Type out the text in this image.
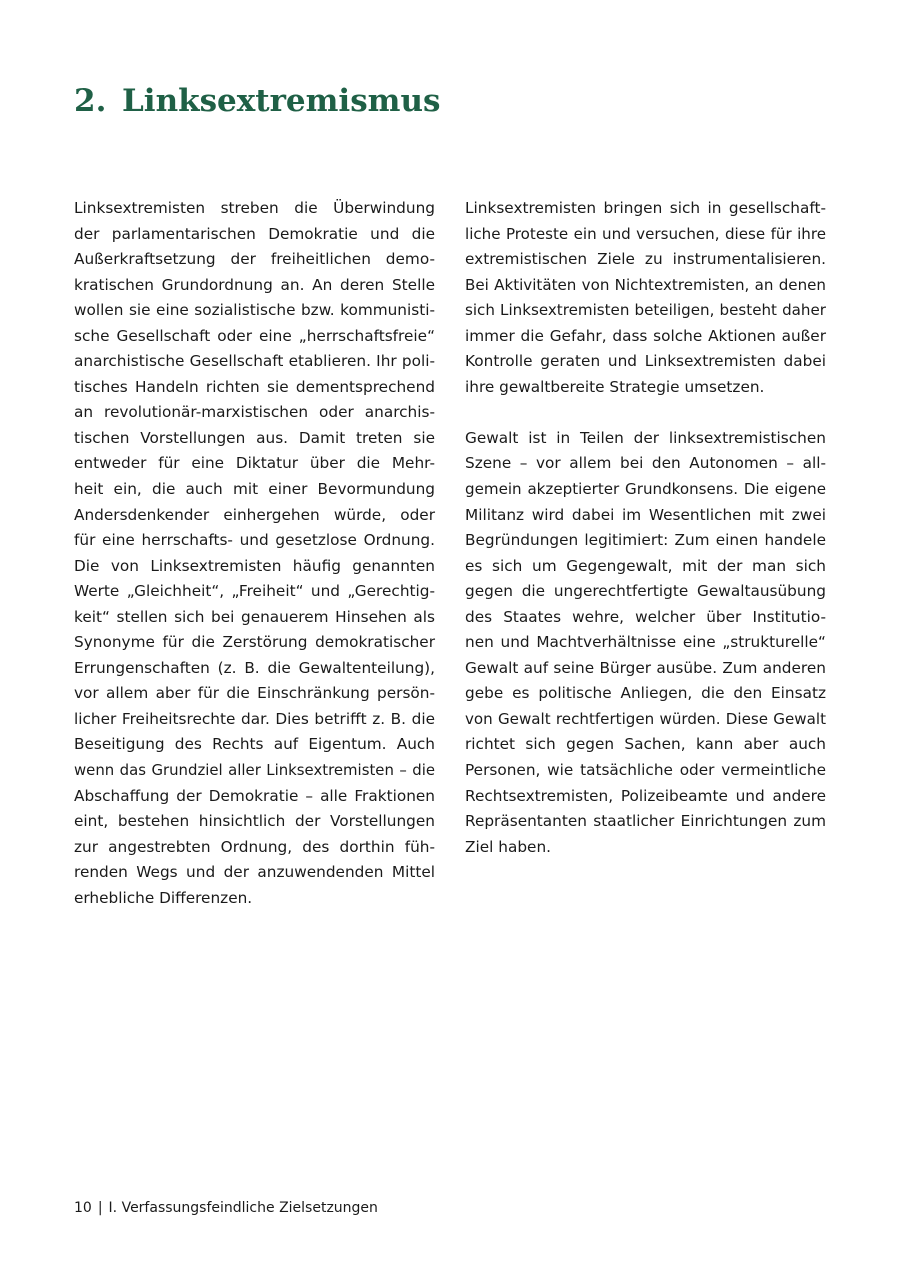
2. Linksextremismus
Linksextremisten streben die Überwindung
der parlamentarischen Demokratie und die
Außerkraftsetzung der freiheitlichen demo-
kratischen Grundordnung an. An deren Stelle
wollen sie eine sozialistische bzw. kommunisti-
sche Gesellschaft oder eine „herrschaftsfreie“
anarchistische Gesellschaft etablieren. Ihr poli-
tisches Handeln richten sie dementsprechend
an revolutionär-marxistischen oder anarchis-
tischen Vorstellungen aus. Damit treten sie
entweder für eine Diktatur über die Mehr-
heit ein, die auch mit einer Bevormundung
Andersdenkender einhergehen würde, oder
für eine herrschafts- und gesetzlose Ordnung.
Die von Linksextremisten häufig genannten
Werte „Gleichheit“, „Freiheit“ und „Gerechtig-
keit“ stellen sich bei genauerem Hinsehen als
Synonyme für die Zerstörung demokratischer
Errungenschaften (z. B. die Gewaltenteilung),
vor allem aber für die Einschränkung persön-
licher Freiheitsrechte dar. Dies betrifft z. B. die
Beseitigung des Rechts auf Eigentum. Auch
wenn das Grundziel aller Linksextremisten – die
Abschaffung der Demokratie – alle Fraktionen
eint, bestehen hinsichtlich der Vorstellungen
zur angestrebten Ordnung, des dorthin füh-
renden Wegs und der anzuwendenden Mittel
erhebliche Differenzen.
Linksextremisten bringen sich in gesellschaft-
liche Proteste ein und versuchen, diese für ihre
extremistischen Ziele zu instrumentalisieren.
Bei Aktivitäten von Nichtextremisten, an denen
sich Linksextremisten beteiligen, besteht daher
immer die Gefahr, dass solche Aktionen außer
Kontrolle geraten und Linksextremisten dabei
ihre gewaltbereite Strategie umsetzen.
Gewalt ist in Teilen der linksextremistischen
Szene – vor allem bei den Autonomen – all-
gemein akzeptierter Grundkonsens. Die eigene
Militanz wird dabei im Wesentlichen mit zwei
Begründungen legitimiert: Zum einen handele
es sich um Gegengewalt, mit der man sich
gegen die ungerechtfertigte Gewaltausübung
des Staates wehre, welcher über Institutio-
nen und Machtverhältnisse eine „strukturelle“
Gewalt auf seine Bürger ausübe. Zum anderen
gebe es politische Anliegen, die den Einsatz
von Gewalt rechtfertigen würden. Diese Gewalt
richtet sich gegen Sachen, kann aber auch
Personen, wie tatsächliche oder vermeintliche
Rechtsextremisten, Polizeibeamte und andere
Repräsentanten staatlicher Einrichtungen zum
Ziel haben.
10 | I. Verfassungsfeindliche Zielsetzungen
